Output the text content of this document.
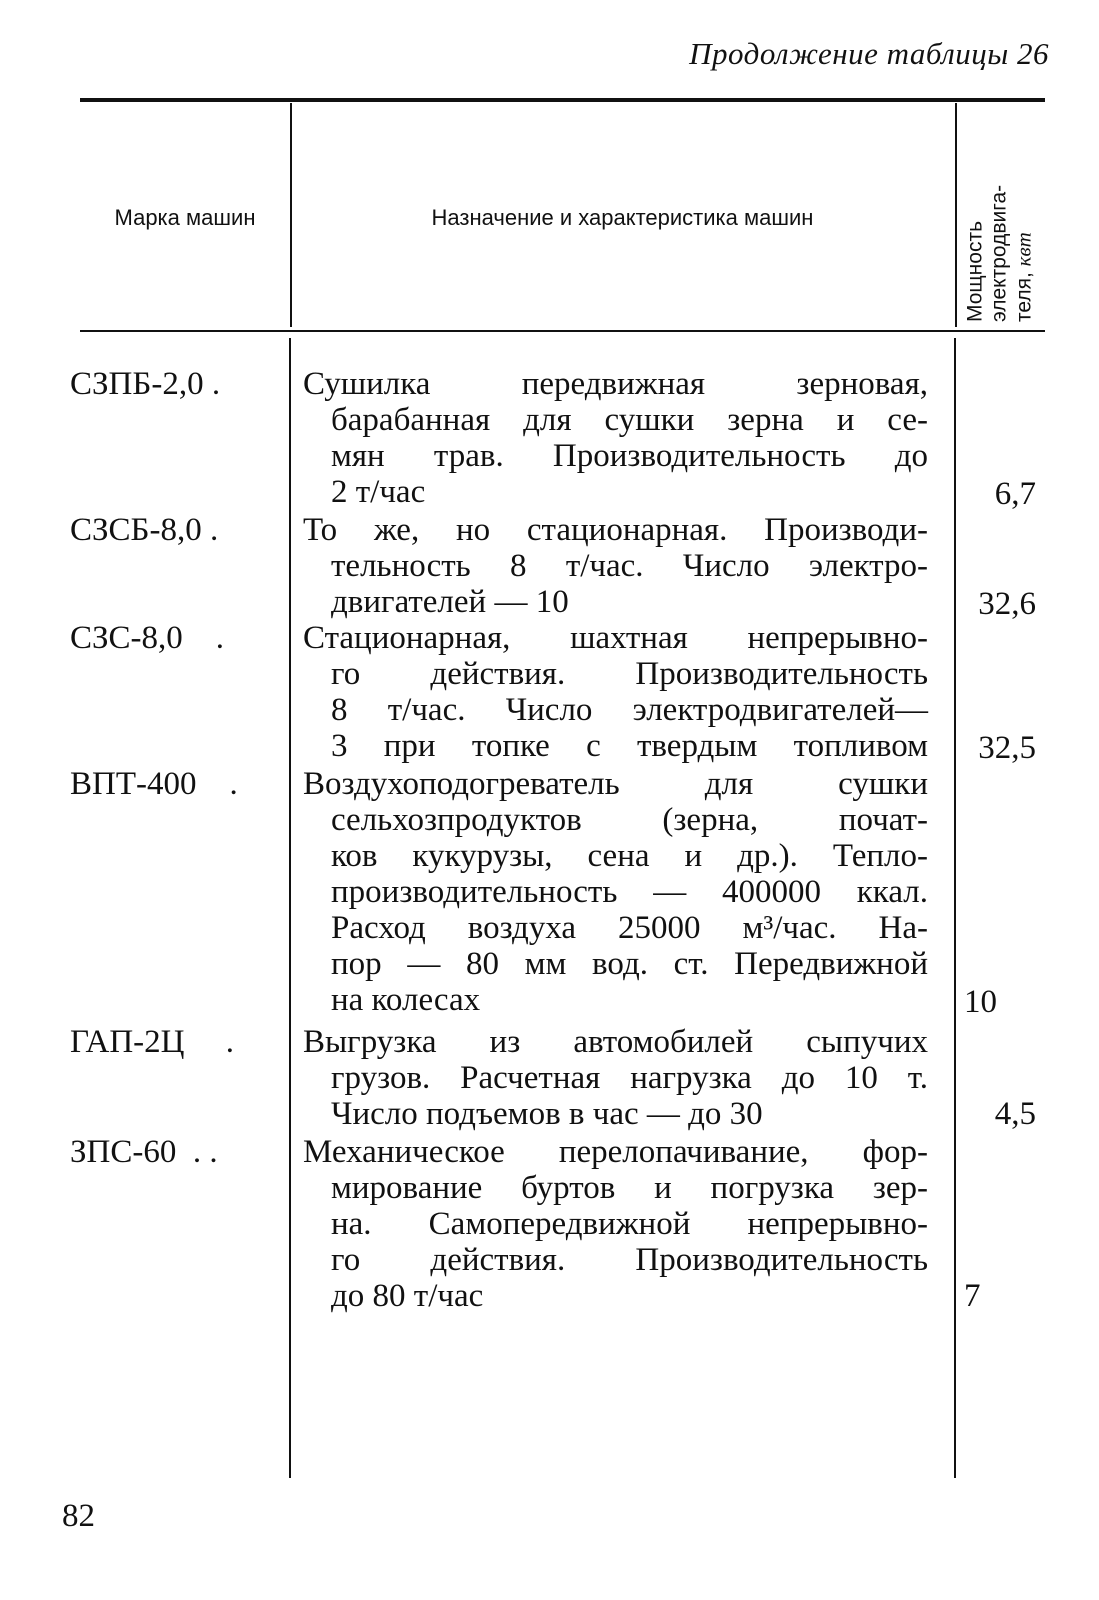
Продолжение таблицы 26
Марка машин	Назначение и характеристика машин
Мощность электродвига- теля, квт
СЗПБ-2,0 .	Сушилка передвижная зерновая,
барабанная для сушки зерна и се-
мян трав. Производительность до
2 т/час	6,7
СЗСБ-8,0 .	То же, но стационарная. Производи-
тельность 8 т/час. Число электро-
двигателей — 10	32,6
СЗС-8,0    .	Стационарная, шахтная непрерывно-
го действия. Производительность
8 т/час. Число электродвигателей—
3 при топке с твердым топливом	32,5
ВПТ-400    .	Воздухоподогреватель для сушки
сельхозпродуктов (зерна, почат-
ков кукурузы, сена и др.). Тепло-
производительность — 400000 ккал.
Расход воздуха 25000 м³/час. На-
пор — 80 мм вод. ст. Передвижной
на колесах	10
ГАП-2Ц     .	Выгрузка из автомобилей сыпучих
грузов. Расчетная нагрузка до 10 т.
Число подъемов в час — до 30	4,5
ЗПС-60  . .	Механическое перелопачивание, фор-
мирование буртов и погрузка зер-
на. Самопередвижной непрерывно-
го действия. Производительность
до 80 т/час	7
82
